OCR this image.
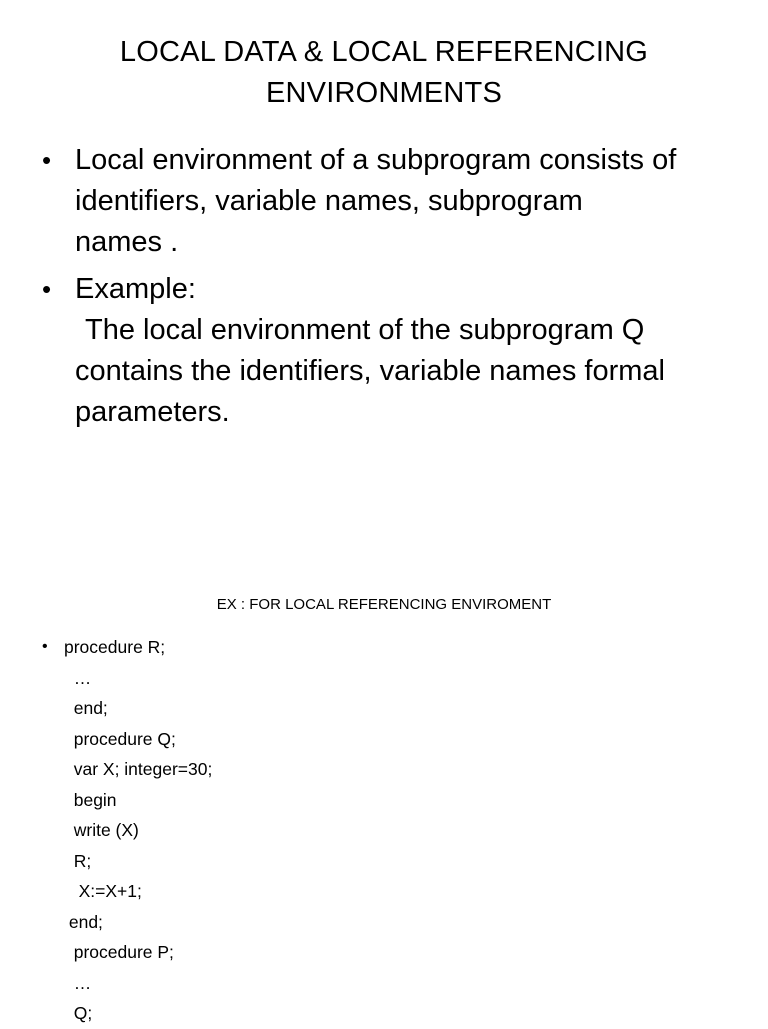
LOCAL DATA & LOCAL REFERENCING
ENVIRONMENTS
• Local environment of a subprogram consists of
identifiers, variable names, subprogram
names .
• Example:
The local environment of the subprogram Q
contains the identifiers, variable names formal
parameters.
EX : FOR LOCAL REFERENCING ENVIROMENT
• procedure R;
…
end;
procedure Q;
var X; integer=30;
begin
write (X)
R;
X:=X+1;
end;
procedure P;
…
Q;
